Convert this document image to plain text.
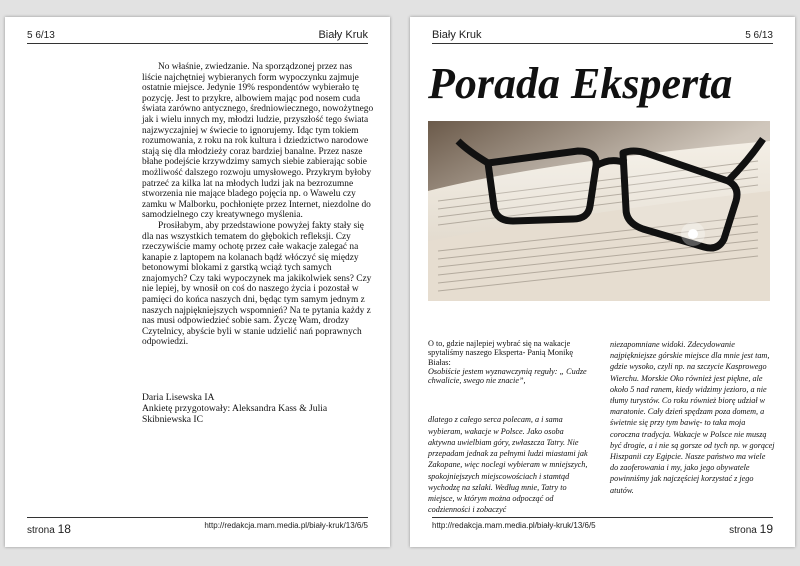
5 6/13	Biały Kruk

No właśnie, zwiedzanie. Na sporządzonej przez nas liście najchętniej wybieranych form wypoczynku zajmuje ostatnie miejsce. Jedynie 19% respondentów wybierało tę pozycję. Jest to przykre, albowiem mając pod nosem cuda świata zarówno antycznego, średniowiecznego, nowożytnego jak i wielu innych my, młodzi ludzie, przyszłość tego świata najzwyczajniej w świecie to ignorujemy. Idąc tym tokiem rozumowania, z roku na rok kultura i dziedzictwo narodowe stają się dla młodzieży coraz bardziej banalne. Przez nasze błahe podejście krzywdzimy samych siebie zabierając sobie możliwość dalszego rozwoju umysłowego. Przykrym byłoby patrzeć za kilka lat na młodych ludzi jak na bezrozumne stworzenia nie mające bladego pojęcia np. o Wawelu czy zamku w Malborku, pochłonięte przez Internet, niezdolne do samodzielnego czy kreatywnego myślenia.

Prosiłabym, aby przedstawione powyżej fakty stały się dla nas wszystkich tematem do głębokich refleksji. Czy rzeczywiście mamy ochotę przez całe wakacje zalegać na kanapie z laptopem na kolanach bądź włóczyć się między betonowymi blokami z garstką wciąż tych samych znajomych? Czy taki wypoczynek ma jakikolwiek sens? Czy nie lepiej, by wnosił on coś do naszego życia i pozostał w pamięci do końca naszych dni, będąc tym samym jednym z naszych najpiękniejszych wspomnień? Na te pytania każdy z nas musi odpowiedzieć sobie sam. Życzę Wam, drodzy Czytelnicy, abyście byli w stanie udzielić nań poprawnych odpowiedzi.

Daria Lisewska IA
Ankietę przygotowały: Aleksandra Kass & Julia Skibniewska IC
strona 18	http://redakcja.mam.media.pl/biały-kruk/13/6/5
Biały Kruk	5 6/13
Porada Eksperta
O to, gdzie najlepiej wybrać się na wakacje spytaliśmy naszego Eksperta- Panią Monikę Białas:
Osobiście jestem wyznawczynią reguły: „ Cudze chwalicie, swego nie znacie”,
dlatego z całego serca polecam, a i sama wybieram, wakacje w Polsce. Jako osoba aktywna uwielbiam góry, zwłaszcza Tatry. Nie przepadam jednak za pełnymi ludzi miastami jak Zakopane, więc noclegi wybieram w mniejszych, spokojniejszych miejscowościach i stamtąd wychodzę na szlaki. Według mnie, Tatry to miejsce, w którym można odpocząć od codzienności i zobaczyć
niezapomniane widoki. Zdecydowanie najpiękniejsze górskie miejsce dla mnie jest tam, gdzie wysoko, czyli np. na szczycie Kasprowego Wierchu. Morskie Oko również jest piękne, ale około 5 nad ranem, kiedy widzimy jezioro, a nie tłumy turystów. Co roku również biorę udział w maratonie. Cały dzień spędzam poza domem, a świetnie się przy tym bawię- to taka moja coroczna tradycja. Wakacje w Polsce nie muszą być drogie, a i nie są gorsze od tych np. w gorącej Hiszpanii czy Egipcie. Nasze państwo ma wiele do zaoferowania i my, jako jego obywatele powinniśmy jak najczęściej korzystać z jego atutów.
http://redakcja.mam.media.pl/biały-kruk/13/6/5	strona 19
